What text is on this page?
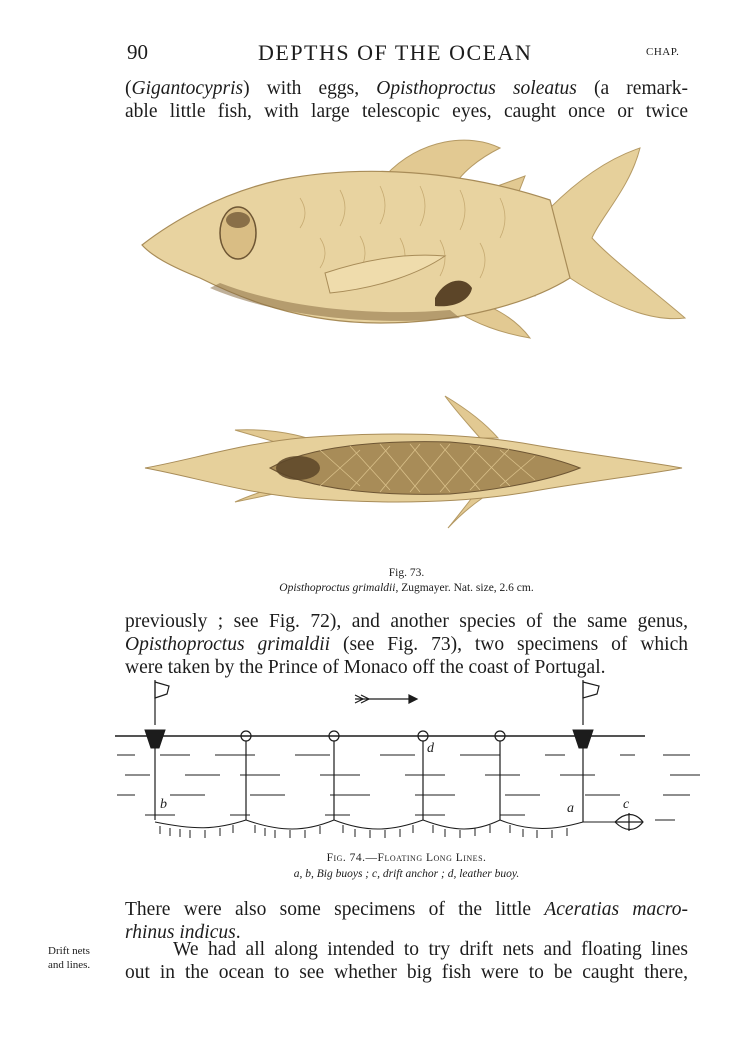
90	DEPTHS OF THE OCEAN	CHAP.
(Gigantocypris) with eggs, Opisthoproctus soleatus (a remark-
able little fish, with large telescopic eyes, caught once or twice
Fig. 73.
Opisthoproctus grimaldii, Zugmayer. Nat. size, 2.6 cm.
previously ; see Fig. 72), and another species of the same genus,
Opisthoproctus grimaldii (see Fig. 73), two specimens of which
were taken by the Prince of Monaco off the coast of Portugal.
b
d
a	c
Fig. 74.—Floating Long Lines.
a, b, Big buoys ; c, drift anchor ; d, leather buoy.
There were also some specimens of the little Aceratias macro-
rhinus indicus.
Drift nets
and lines.
We had all along intended to try drift nets and floating lines
out in the ocean to see whether big fish were to be caught there,
